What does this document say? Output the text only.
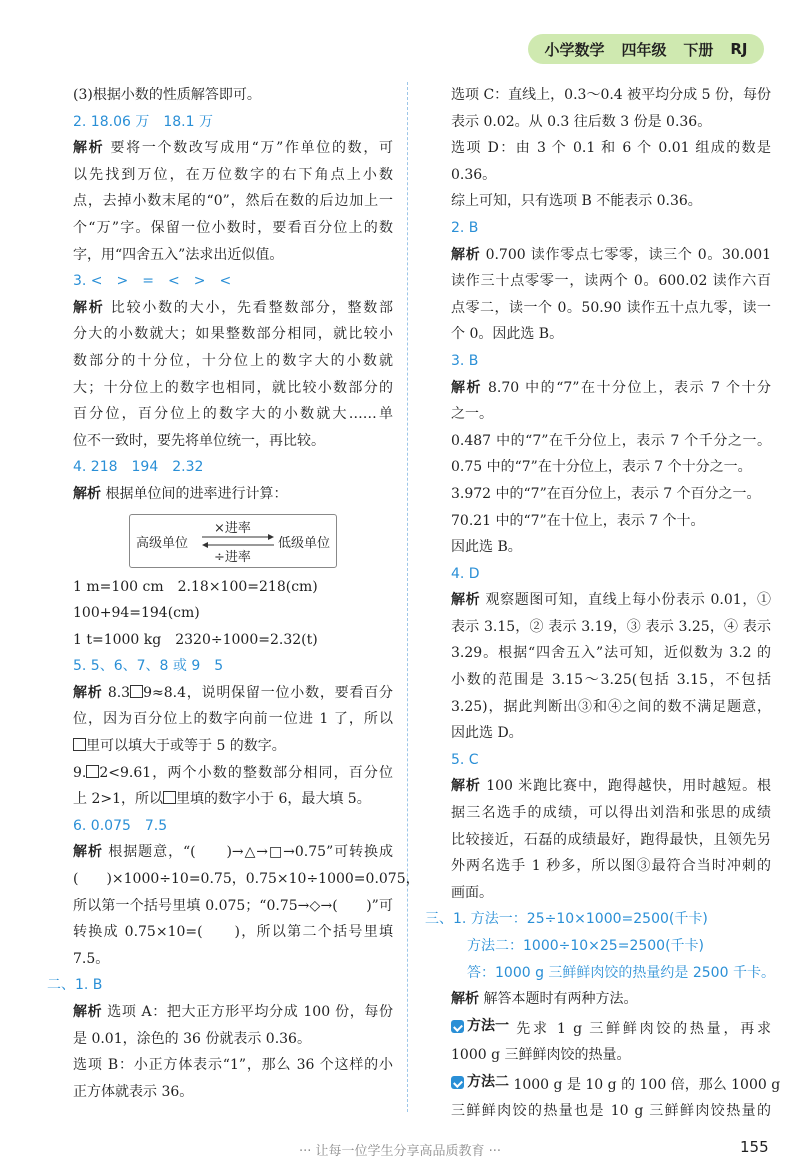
小学数学 四年级 下册 RJ
(3)根据小数的性质解答即可。
2. 18.06 万　18.1 万
解析 要将一个数改写成用“万”作单位的数，可
以先找到万位，在万位数字的右下角点上小数
点，去掉小数末尾的“0”，然后在数的后边加上一
个“万”字。保留一位小数时，要看百分位上的数
字，用“四舍五入”法求出近似值。
3. <　>　=　<　>　<
解析 比较小数的大小，先看整数部分，整数部
分大的小数就大；如果整数部分相同，就比较小
数部分的十分位，十分位上的数字大的小数就
大；十分位上的数字也相同，就比较小数部分的
百分位，百分位上的数字大的小数就大……单
位不一致时，要先将单位统一，再比较。
4. 218　194　2.32
解析 根据单位间的进率进行计算：
×进率
高级单位	低级单位
÷进率
1 m=100 cm　2.18×100=218(cm)
100+94=194(cm)
1 t=1000 kg　2320÷1000=2.32(t)
5. 5、6、7、8 或 9　5
解析 8.3 9≈8.4，说明保留一位小数，要看百分
位，因为百分位上的数字向前一位进 1 了，所以
里可以填大于或等于 5 的数字。
9. 2<9.61，两个小数的整数部分相同，百分位
上 2>1，所以 里填的数字小于 6，最大填 5。
6. 0.075　7.5
解析 根据题意，“(　　)→△→□→0.75”可转换成
(　　)×1000÷10=0.75，0.75×10÷1000=0.075，
所以第一个括号里填 0.075；“0.75→◇→(　　)”可
转换成 0.75×10=(　　)，所以第二个括号里填
7.5。
二、1. B
解析 选项 A：把大正方形平均分成 100 份，每份
是 0.01，涂色的 36 份就表示 0.36。
选项 B：小正方体表示“1”，那么 36 个这样的小
正方体就表示 36。
选项 C：直线上，0.3～0.4 被平均分成 5 份，每份
表示 0.02。从 0.3 往后数 3 份是 0.36。
选项 D：由 3 个 0.1 和 6 个 0.01 组成的数是
0.36。
综上可知，只有选项 B 不能表示 0.36。
2. B
解析 0.700 读作零点七零零，读三个 0。30.001
读作三十点零零一，读两个 0。600.02 读作六百
点零二，读一个 0。50.90 读作五十点九零，读一
个 0。因此选 B。
3. B
解析 8.70 中的“7”在十分位上，表示 7 个十分
之一。
0.487 中的“7”在千分位上，表示 7 个千分之一。
0.75 中的“7”在十分位上，表示 7 个十分之一。
3.972 中的“7”在百分位上，表示 7 个百分之一。
70.21 中的“7”在十位上，表示 7 个十。
因此选 B。
4. D
解析 观察题图可知，直线上每小份表示 0.01，①
表示 3.15，② 表示 3.19，③ 表示 3.25，④ 表示
3.29。根据“四舍五入”法可知，近似数为 3.2 的
小数的范围是 3.15～3.25(包括 3.15，不包括
3.25)，据此判断出③和④之间的数不满足题意，
因此选 D。
5. C
解析 100 米跑比赛中，跑得越快，用时越短。根
据三名选手的成绩，可以得出刘浩和张思的成绩
比较接近，石磊的成绩最好，跑得最快，且领先另
外两名选手 1 秒多，所以图③最符合当时冲刺的
画面。
三、1. 方法一：25÷10×1000=2500(千卡)
方法二：1000÷10×25=2500(千卡)
答：1000 g 三鲜鲜肉饺的热量约是 2500 千卡。
解析 解答本题时有两种方法。
方法一 先求 1 g 三鲜鲜肉饺的热量，再求
1000 g 三鲜鲜肉饺的热量。
方法二 1000 g 是 10 g 的 100 倍，那么 1000 g
三鲜鲜肉饺的热量也是 10 g 三鲜鲜肉饺热量的
··· 让每一位学生分享高品质教育 ···	155
